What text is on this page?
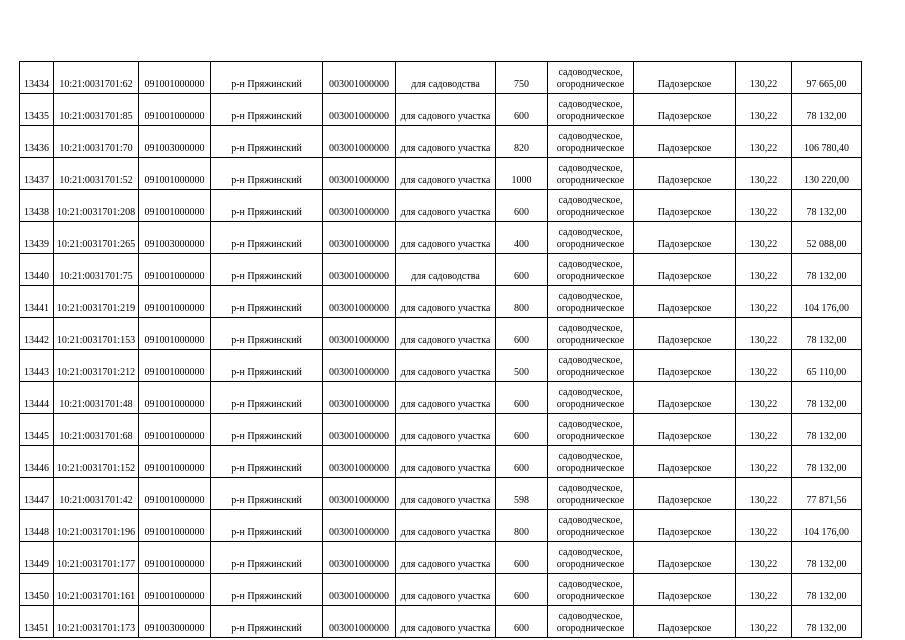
13434	10:21:0031701:62	091001000000	р-н Пряжинский	003001000000	для садоводства	750	садоводческое, огородническое	Падозерское	130,22	97 665,00
13435	10:21:0031701:85	091001000000	р-н Пряжинский	003001000000	для садового участка	600	садоводческое, огородническое	Падозерское	130,22	78 132,00
13436	10:21:0031701:70	091003000000	р-н Пряжинский	003001000000	для садового участка	820	садоводческое, огородническое	Падозерское	130,22	106 780,40
13437	10:21:0031701:52	091001000000	р-н Пряжинский	003001000000	для садового участка	1000	садоводческое, огородническое	Падозерское	130,22	130 220,00
13438	10:21:0031701:208	091001000000	р-н Пряжинский	003001000000	для садового участка	600	садоводческое, огородническое	Падозерское	130,22	78 132,00
13439	10:21:0031701:265	091003000000	р-н Пряжинский	003001000000	для садового участка	400	садоводческое, огородническое	Падозерское	130,22	52 088,00
13440	10:21:0031701:75	091001000000	р-н Пряжинский	003001000000	для садоводства	600	садоводческое, огородническое	Падозерское	130,22	78 132,00
13441	10:21:0031701:219	091001000000	р-н Пряжинский	003001000000	для садового участка	800	садоводческое, огородническое	Падозерское	130,22	104 176,00
13442	10:21:0031701:153	091001000000	р-н Пряжинский	003001000000	для садового участка	600	садоводческое, огородническое	Падозерское	130,22	78 132,00
13443	10:21:0031701:212	091001000000	р-н Пряжинский	003001000000	для садового участка	500	садоводческое, огородническое	Падозерское	130,22	65 110,00
13444	10:21:0031701:48	091001000000	р-н Пряжинский	003001000000	для садового участка	600	садоводческое, огородническое	Падозерское	130,22	78 132,00
13445	10:21:0031701:68	091001000000	р-н Пряжинский	003001000000	для садового участка	600	садоводческое, огородническое	Падозерское	130,22	78 132,00
13446	10:21:0031701:152	091001000000	р-н Пряжинский	003001000000	для садового участка	600	садоводческое, огородническое	Падозерское	130,22	78 132,00
13447	10:21:0031701:42	091001000000	р-н Пряжинский	003001000000	для садового участка	598	садоводческое, огородническое	Падозерское	130,22	77 871,56
13448	10:21:0031701:196	091001000000	р-н Пряжинский	003001000000	для садового участка	800	садоводческое, огородническое	Падозерское	130,22	104 176,00
13449	10:21:0031701:177	091001000000	р-н Пряжинский	003001000000	для садового участка	600	садоводческое, огородническое	Падозерское	130,22	78 132,00
13450	10:21:0031701:161	091001000000	р-н Пряжинский	003001000000	для садового участка	600	садоводческое, огородническое	Падозерское	130,22	78 132,00
13451	10:21:0031701:173	091003000000	р-н Пряжинский	003001000000	для садового участка	600	садоводческое, огородническое	Падозерское	130,22	78 132,00
